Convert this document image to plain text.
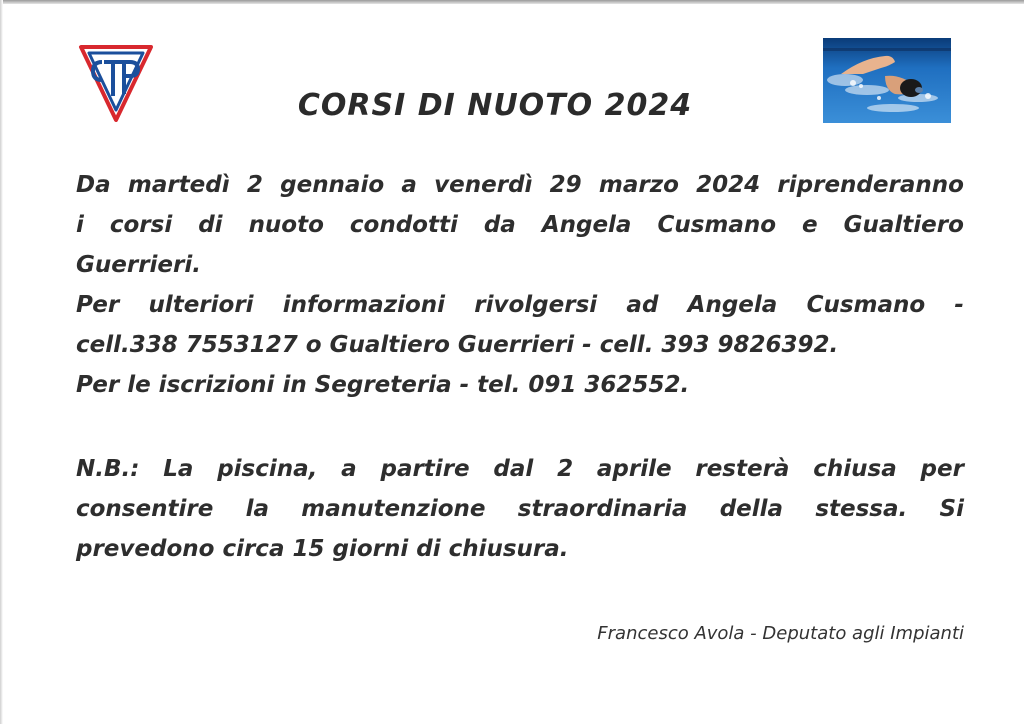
CORSI DI NUOTO 2024
Da martedì 2 gennaio a venerdì 29 marzo 2024 riprenderanno
i corsi di nuoto condotti da Angela Cusmano e Gualtiero
Guerrieri.
Per ulteriori informazioni rivolgersi ad Angela Cusmano -
cell.338 7553127 o Gualtiero Guerrieri - cell. 393 9826392.
Per le iscrizioni in Segreteria - tel. 091 362552.
N.B.: La piscina, a partire dal 2 aprile resterà chiusa per
consentire la manutenzione straordinaria della stessa. Si
prevedono circa 15 giorni di chiusura.
Francesco Avola - Deputato agli Impianti
